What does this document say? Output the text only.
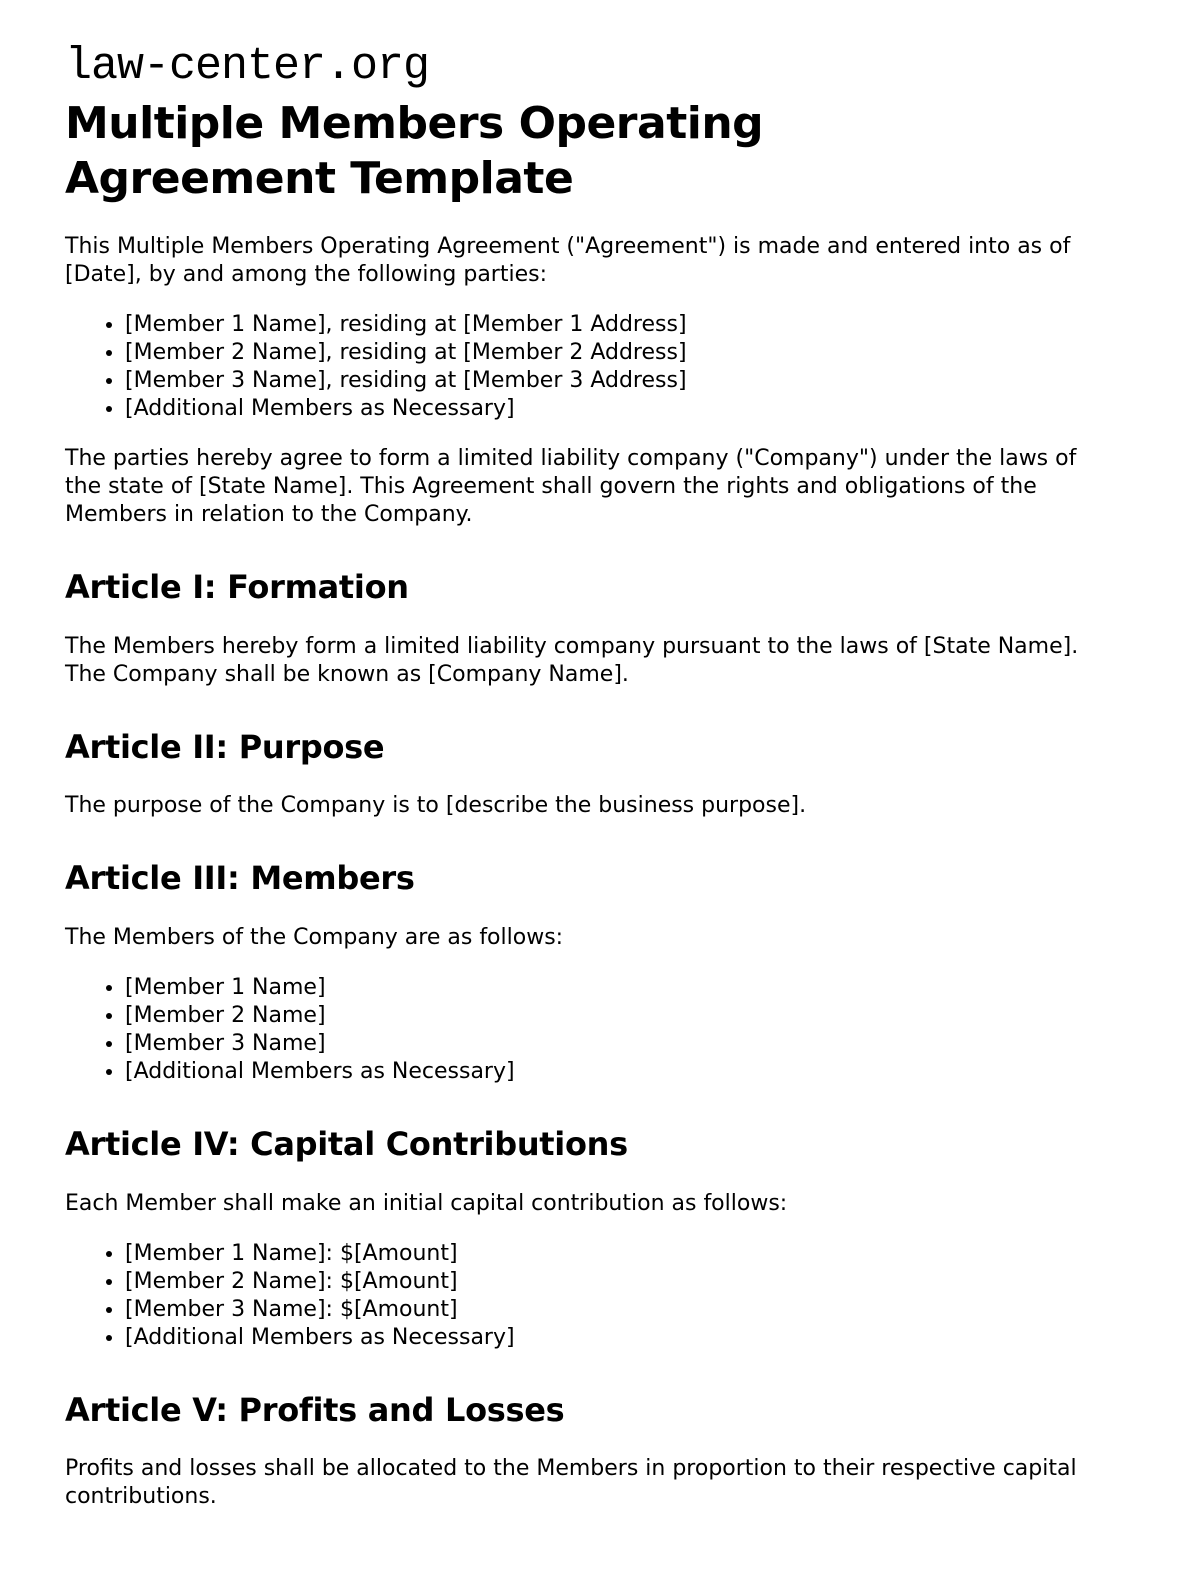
law-center.org
Multiple Members Operating Agreement Template

This Multiple Members Operating Agreement ("Agreement") is made and entered into as of [Date], by and among the following parties:

• [Member 1 Name], residing at [Member 1 Address]
• [Member 2 Name], residing at [Member 2 Address]
• [Member 3 Name], residing at [Member 3 Address]
• [Additional Members as Necessary]

The parties hereby agree to form a limited liability company ("Company") under the laws of the state of [State Name]. This Agreement shall govern the rights and obligations of the Members in relation to the Company.

Article I: Formation

The Members hereby form a limited liability company pursuant to the laws of [State Name]. The Company shall be known as [Company Name].

Article II: Purpose

The purpose of the Company is to [describe the business purpose].

Article III: Members

The Members of the Company are as follows:

• [Member 1 Name]
• [Member 2 Name]
• [Member 3 Name]
• [Additional Members as Necessary]
Article IV: Capital Contributions

Each Member shall make an initial capital contribution as follows:

• [Member 1 Name]: $[Amount]
• [Member 2 Name]: $[Amount]
• [Member 3 Name]: $[Amount]
• [Additional Members as Necessary]
Article V: Profits and Losses

Profits and losses shall be allocated to the Members in proportion to their respective capital contributions.
